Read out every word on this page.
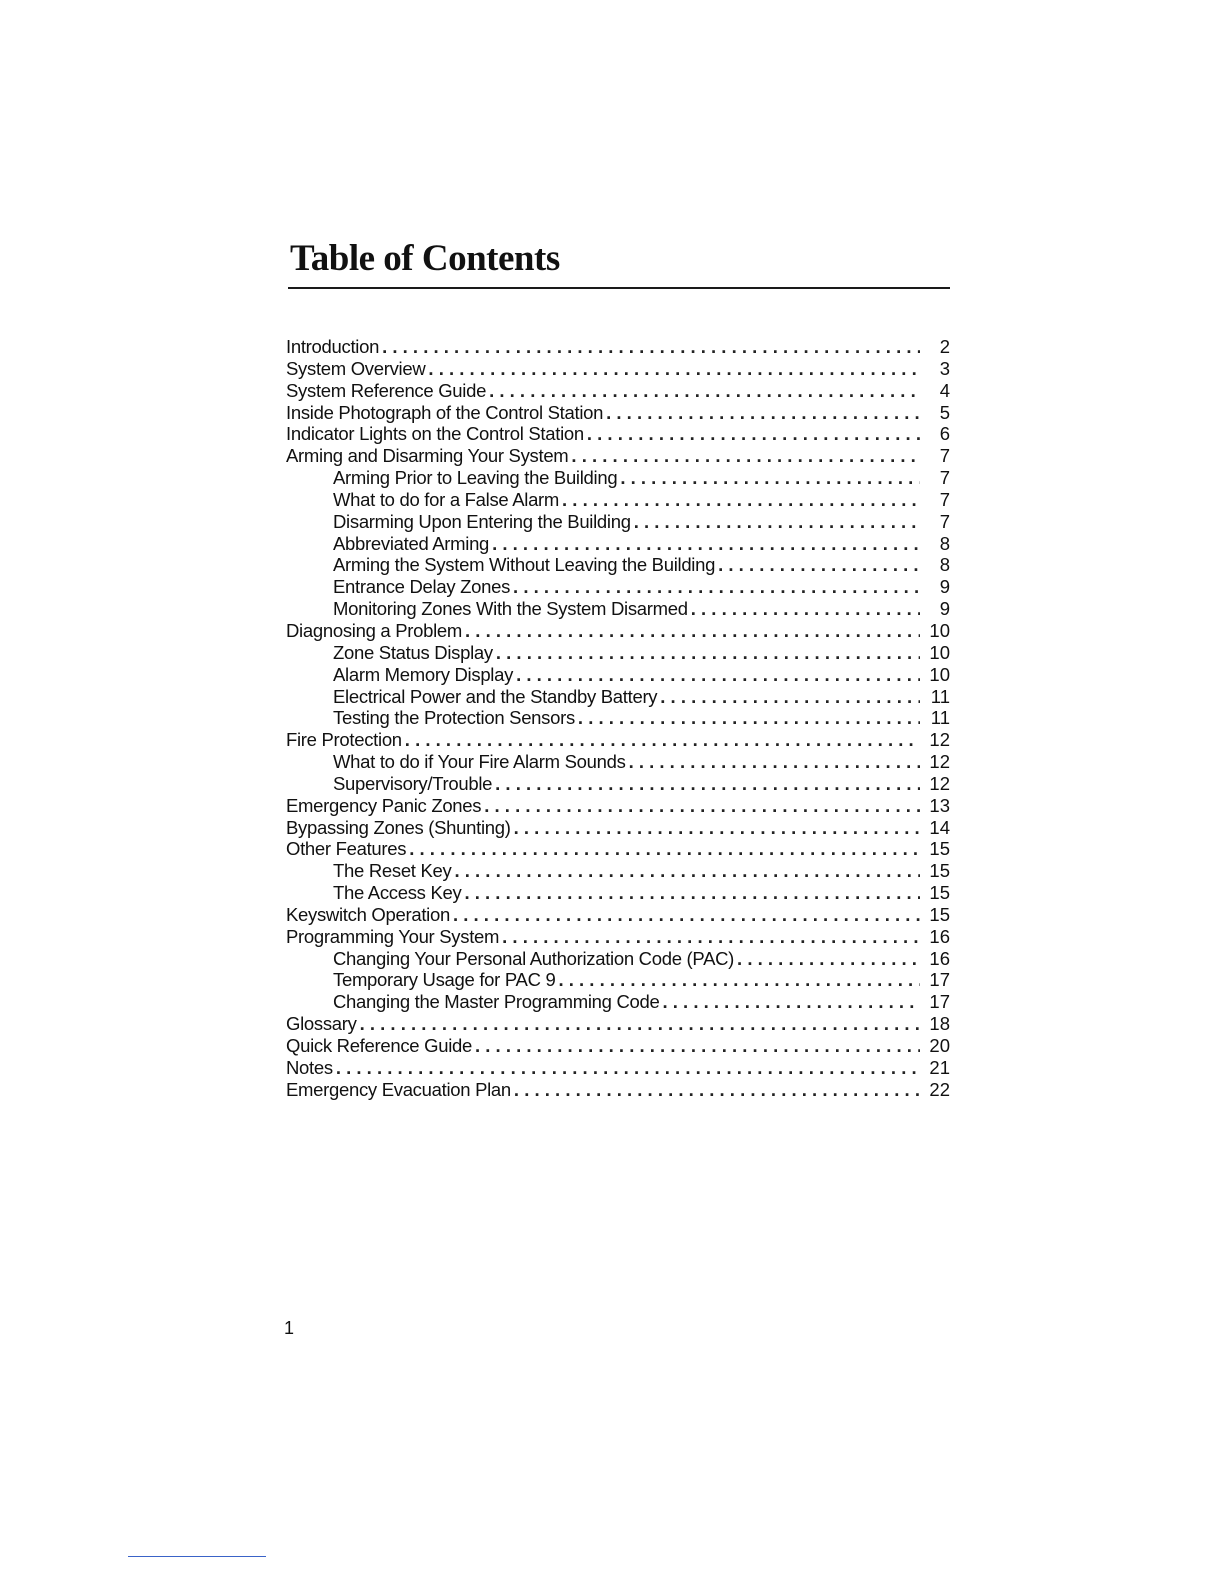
Table of Contents
Introduction . . .	2
System Overview . . .	3
System Reference Guide . . .	4
Inside Photograph of the Control Station . . .	5
Indicator Lights on the Control Station . . .	6
Arming and Disarming Your System . . .	7
Arming Prior to Leaving the Building . . .	7
What to do for a False Alarm . . .	7
Disarming Upon Entering the Building . . .	7
Abbreviated Arming . . .	8
Arming the System Without Leaving the Building . . .	8
Entrance Delay Zones . . .	9
Monitoring Zones With the System Disarmed . . .	9
Diagnosing a Problem . . .	10
Zone Status Display . . .	10
Alarm Memory Display . . .	10
Electrical Power and the Standby Battery . . .	11
Testing the Protection Sensors . . .	11
Fire Protection . . .	12
What to do if Your Fire Alarm Sounds . . .	12
Supervisory/Trouble . . .	12
Emergency Panic Zones . . .	13
Bypassing Zones (Shunting) . . .	14
Other Features . . .	15
The Reset Key . . .	15
The Access Key . . .	15
Keyswitch Operation . . .	15
Programming Your System . . .	16
Changing Your Personal Authorization Code (PAC) . . .	16
Temporary Usage for PAC 9 . . .	17
Changing the Master Programming Code . . .	17
Glossary . . .	18
Quick Reference Guide . . .	20
Notes . . .	21
Emergency Evacuation Plan . . .	22
1
